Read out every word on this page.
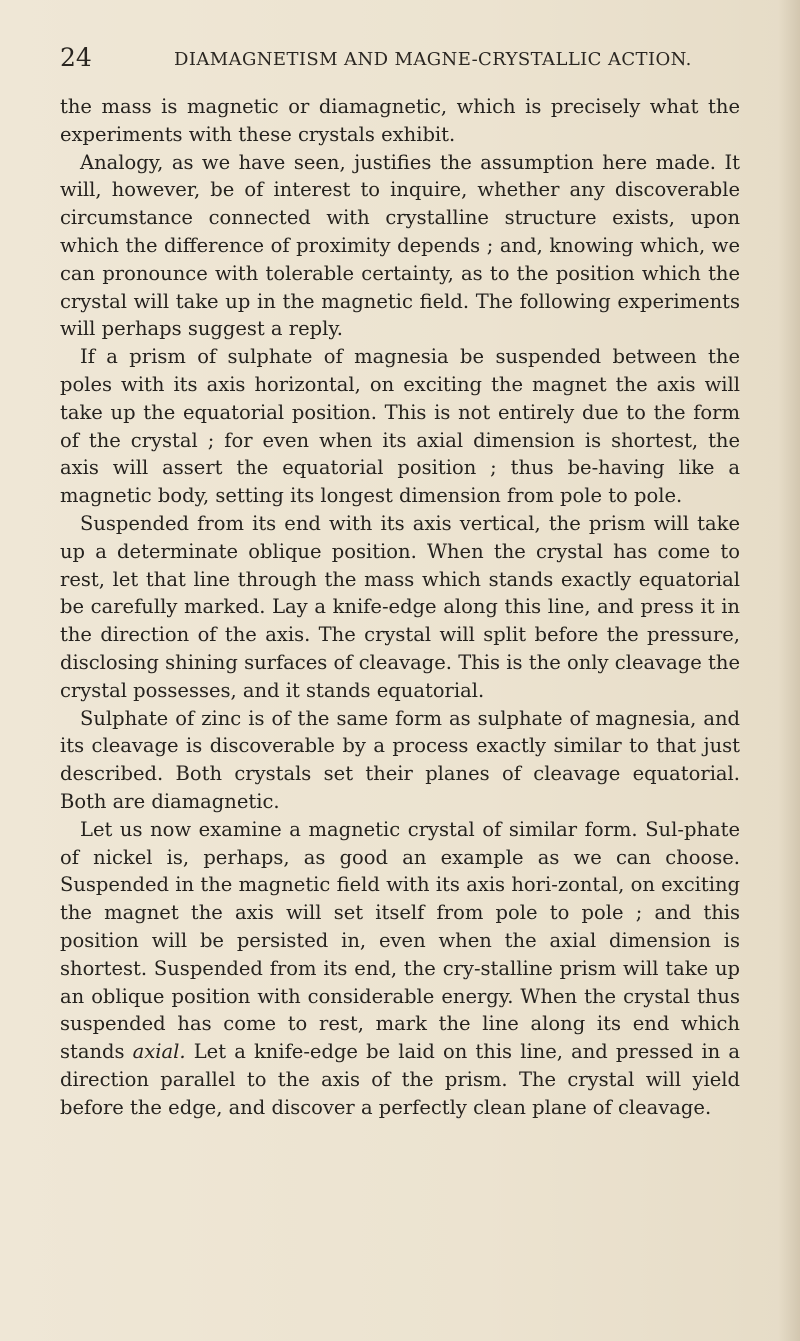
24	DIAMAGNETISM AND MAGNE-CRYSTALLIC ACTION.

the mass is magnetic or diamagnetic, which is precisely what the experiments with these crystals exhibit.

Analogy, as we have seen, justifies the assumption here made. It will, however, be of interest to inquire, whether any discoverable circumstance connected with crystalline structure exists, upon which the difference of proximity depends ; and, knowing which, we can pronounce with tolerable certainty, as to the position which the crystal will take up in the magnetic field. The following experiments will perhaps suggest a reply.

If a prism of sulphate of magnesia be suspended between the poles with its axis horizontal, on exciting the magnet the axis will take up the equatorial position. This is not entirely due to the form of the crystal ; for even when its axial dimension is shortest, the axis will assert the equatorial position ; thus be-having like a magnetic body, setting its longest dimension from pole to pole.

Suspended from its end with its axis vertical, the prism will take up a determinate oblique position. When the crystal has come to rest, let that line through the mass which stands exactly equatorial be carefully marked. Lay a knife-edge along this line, and press it in the direction of the axis. The crystal will split before the pressure, disclosing shining surfaces of cleavage. This is the only cleavage the crystal possesses, and it stands equatorial.

Sulphate of zinc is of the same form as sulphate of magnesia, and its cleavage is discoverable by a process exactly similar to that just described. Both crystals set their planes of cleavage equatorial. Both are diamagnetic.

Let us now examine a magnetic crystal of similar form. Sul-phate of nickel is, perhaps, as good an example as we can choose. Suspended in the magnetic field with its axis hori-zontal, on exciting the magnet the axis will set itself from pole to pole ; and this position will be persisted in, even when the axial dimension is shortest. Suspended from its end, the cry-stalline prism will take up an oblique position with considerable energy. When the crystal thus suspended has come to rest, mark the line along its end which stands axial. Let a knife-edge be laid on this line, and pressed in a direction parallel to the axis of the prism. The crystal will yield before the edge, and discover a perfectly clean plane of cleavage.
